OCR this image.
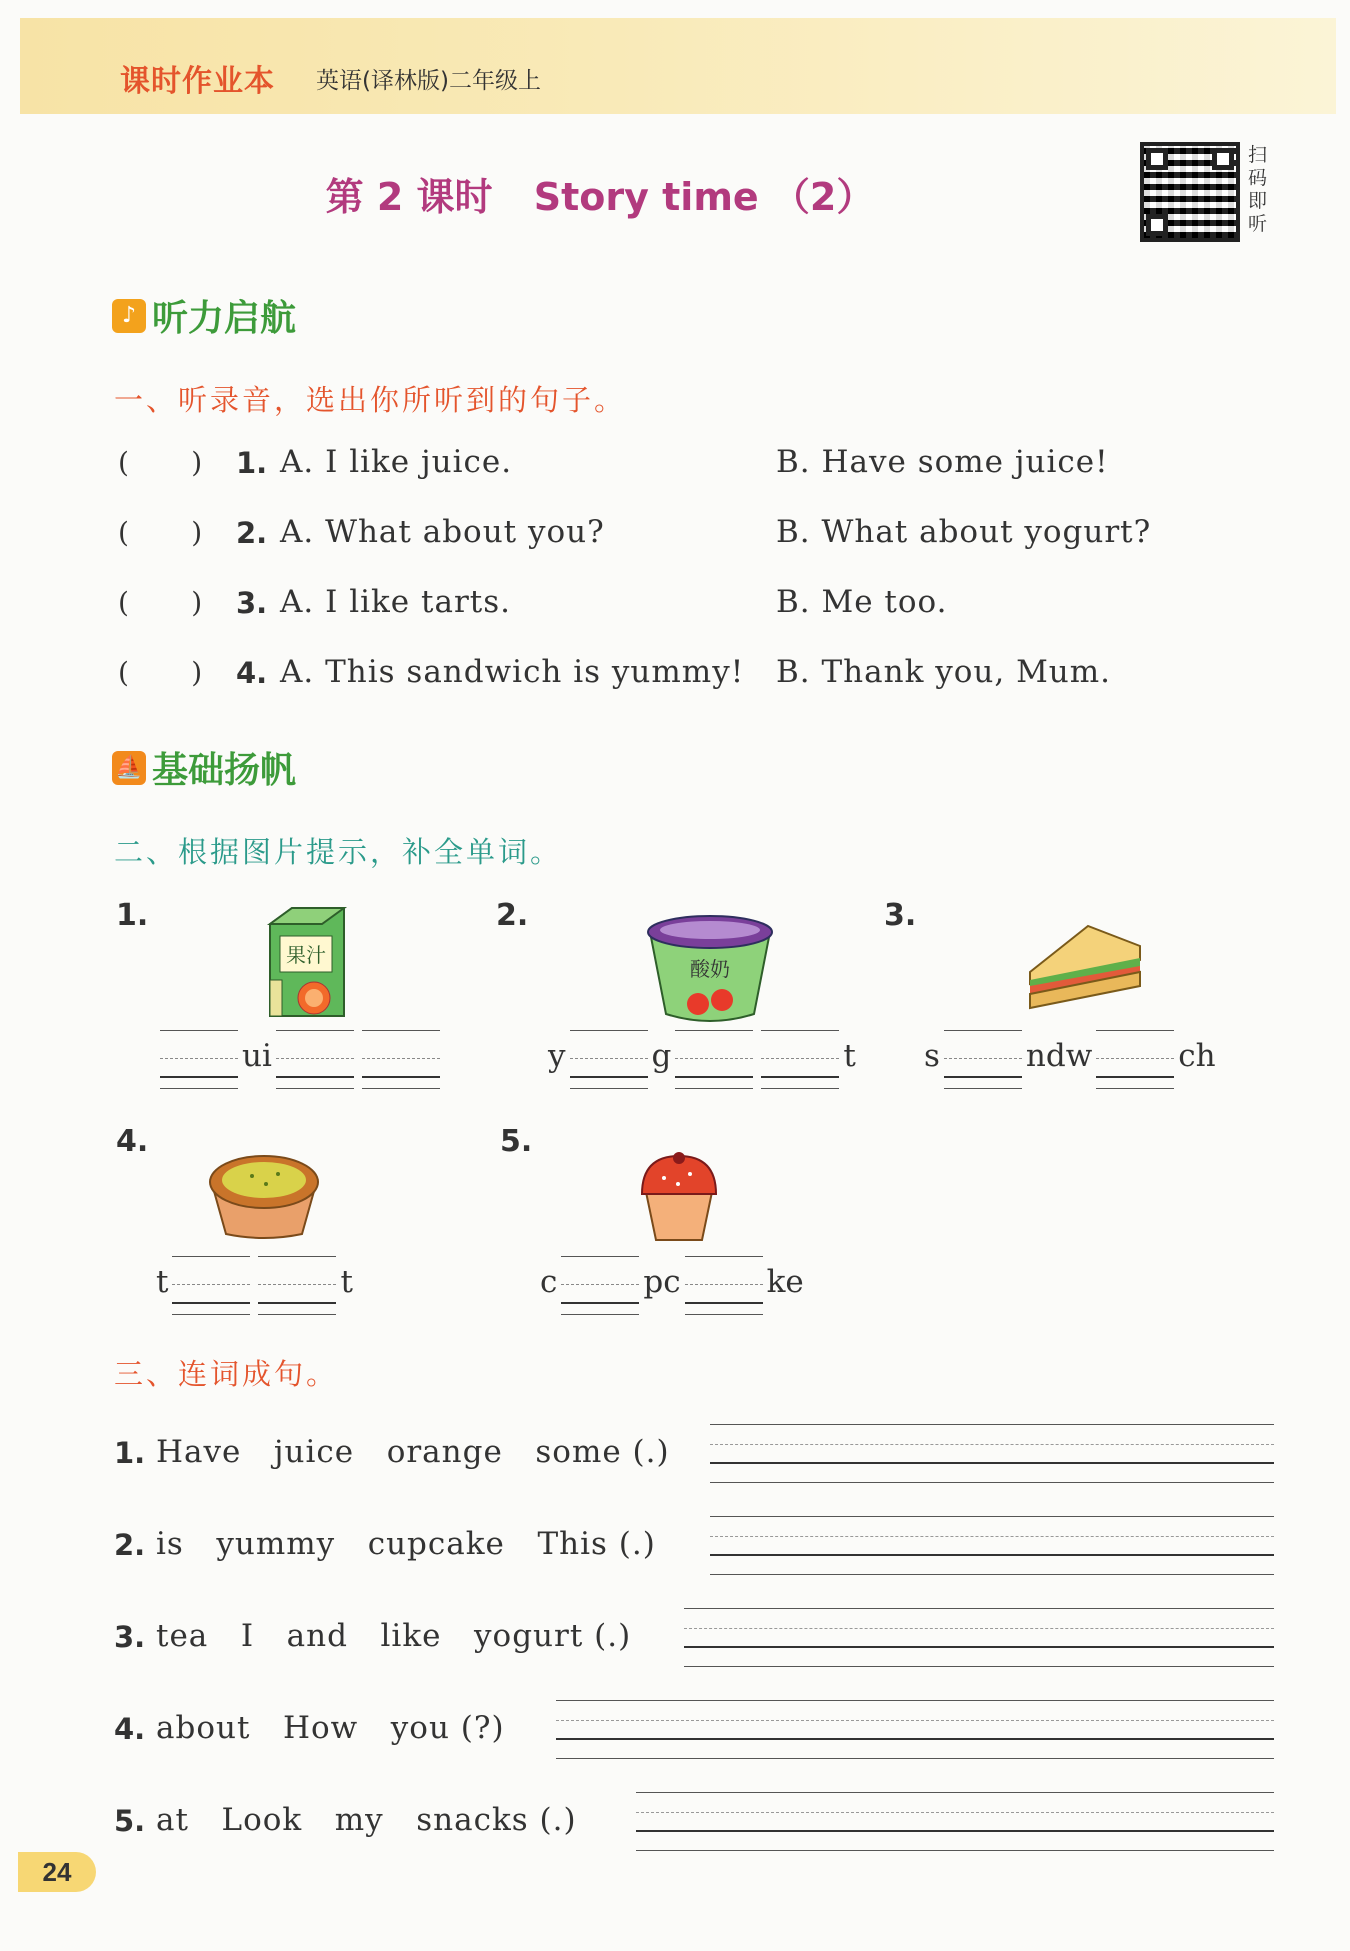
课时作业本 英语(译林版)二年级上
第 2 课时 Story time （2）
扫
码
即
听
♪ 听力启航
一、听录音，选出你所听到的句子。
(       ) 1. A. I like juice.	B. Have some juice!
(       ) 2. A. What about you?	B. What about yogurt?
(       ) 3. A. I like tarts.	B. Me too.
(       ) 4. A. This sandwich is yummy! B. Thank you, Mum.
⛵ 基础扬帆
二、根据图片提示，补全单词。
1.
果汁
ui
2.
酸奶
y	g	t
3.
s	ndw	ch
4.
t	t
5.
c	pc	ke
三、连词成句。
1. Have   juice   orange   some (.)
2. is   yummy   cupcake   This (.)
3. tea   I   and   like   yogurt (.)
4. about   How   you (?)
5. at   Look   my   snacks (.)
24
